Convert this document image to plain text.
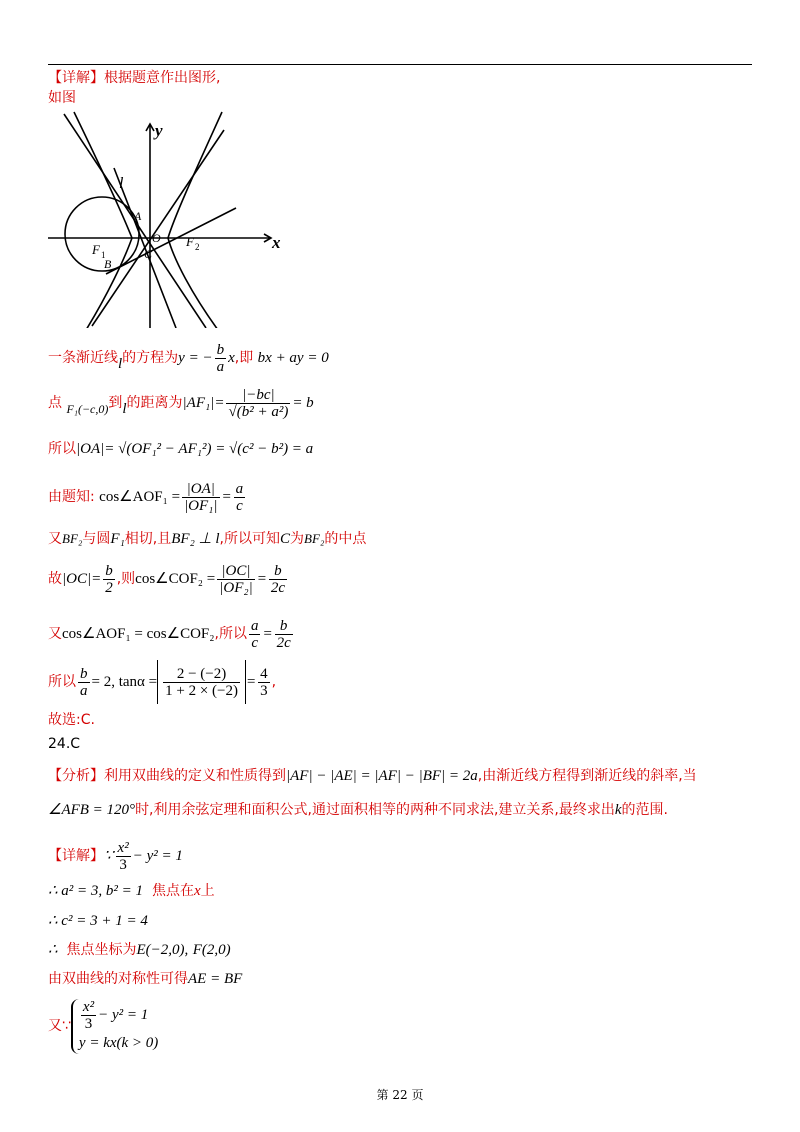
【详解】根据题意作出图形,
如图
y
x
l
A
O
C
B
F 1
F 2
一条渐近线l的方程为y = − $\frac{b}{a} x$,即 bx + ay = 0
点 F₁(−c,0)到l的距离为$|AF_1|= \frac{|-bc|}{\text{√(b² + a²)}} = b$
所以|OA|= √(OF₁² − AF₁²) = √(c² − b²) = a
由题知: cos∠AOF₁ = $\frac{|OA|}{\text{|OF₁|}} = \frac{a}{c}$
又BF₂与圆F₁相切,且BF₂ ⊥ l,所以可知C为BF₂的中点
故$|OC|= \frac{b}{2}$ ,则cos∠COF₂ = $\frac{|OC|}{\text{|OF₂|}} = \frac{b}{2c}$
又cos∠AOF₁ = cos∠COF₂,所以 $\frac{a}{c} = \frac{b}{2c}$
所以 $\frac{b}{a} = 2$, $\tan\alpha = \frac{2 - (-2)}{1 + 2 \times (-2)} = \frac{4}{3}$ ,
故选:C.
24.C
【分析】利用双曲线的定义和性质得到|AF| − |AE| = |AF| − |BF| = 2a,由渐近线方程得到渐近线的斜率,当
∠AFB = 120°时,利用余弦定理和面积公式,通过面积相等的两种不同求法,建立关系,最终求出k的范围.
【详解】∵ $\frac{\text{x²}}{3} - y^2 = 1$
∴ a² = 3, b² = 1 焦点在x上
∴ c² = 3 + 1 = 4
∴ 焦点坐标为E(−2,0), F(2,0)
由双曲线的对称性可得AE = BF
又∵ $\frac{\text{x²}}{3} - y^2 = 1$
y = kx(k > 0)
第 22 页
